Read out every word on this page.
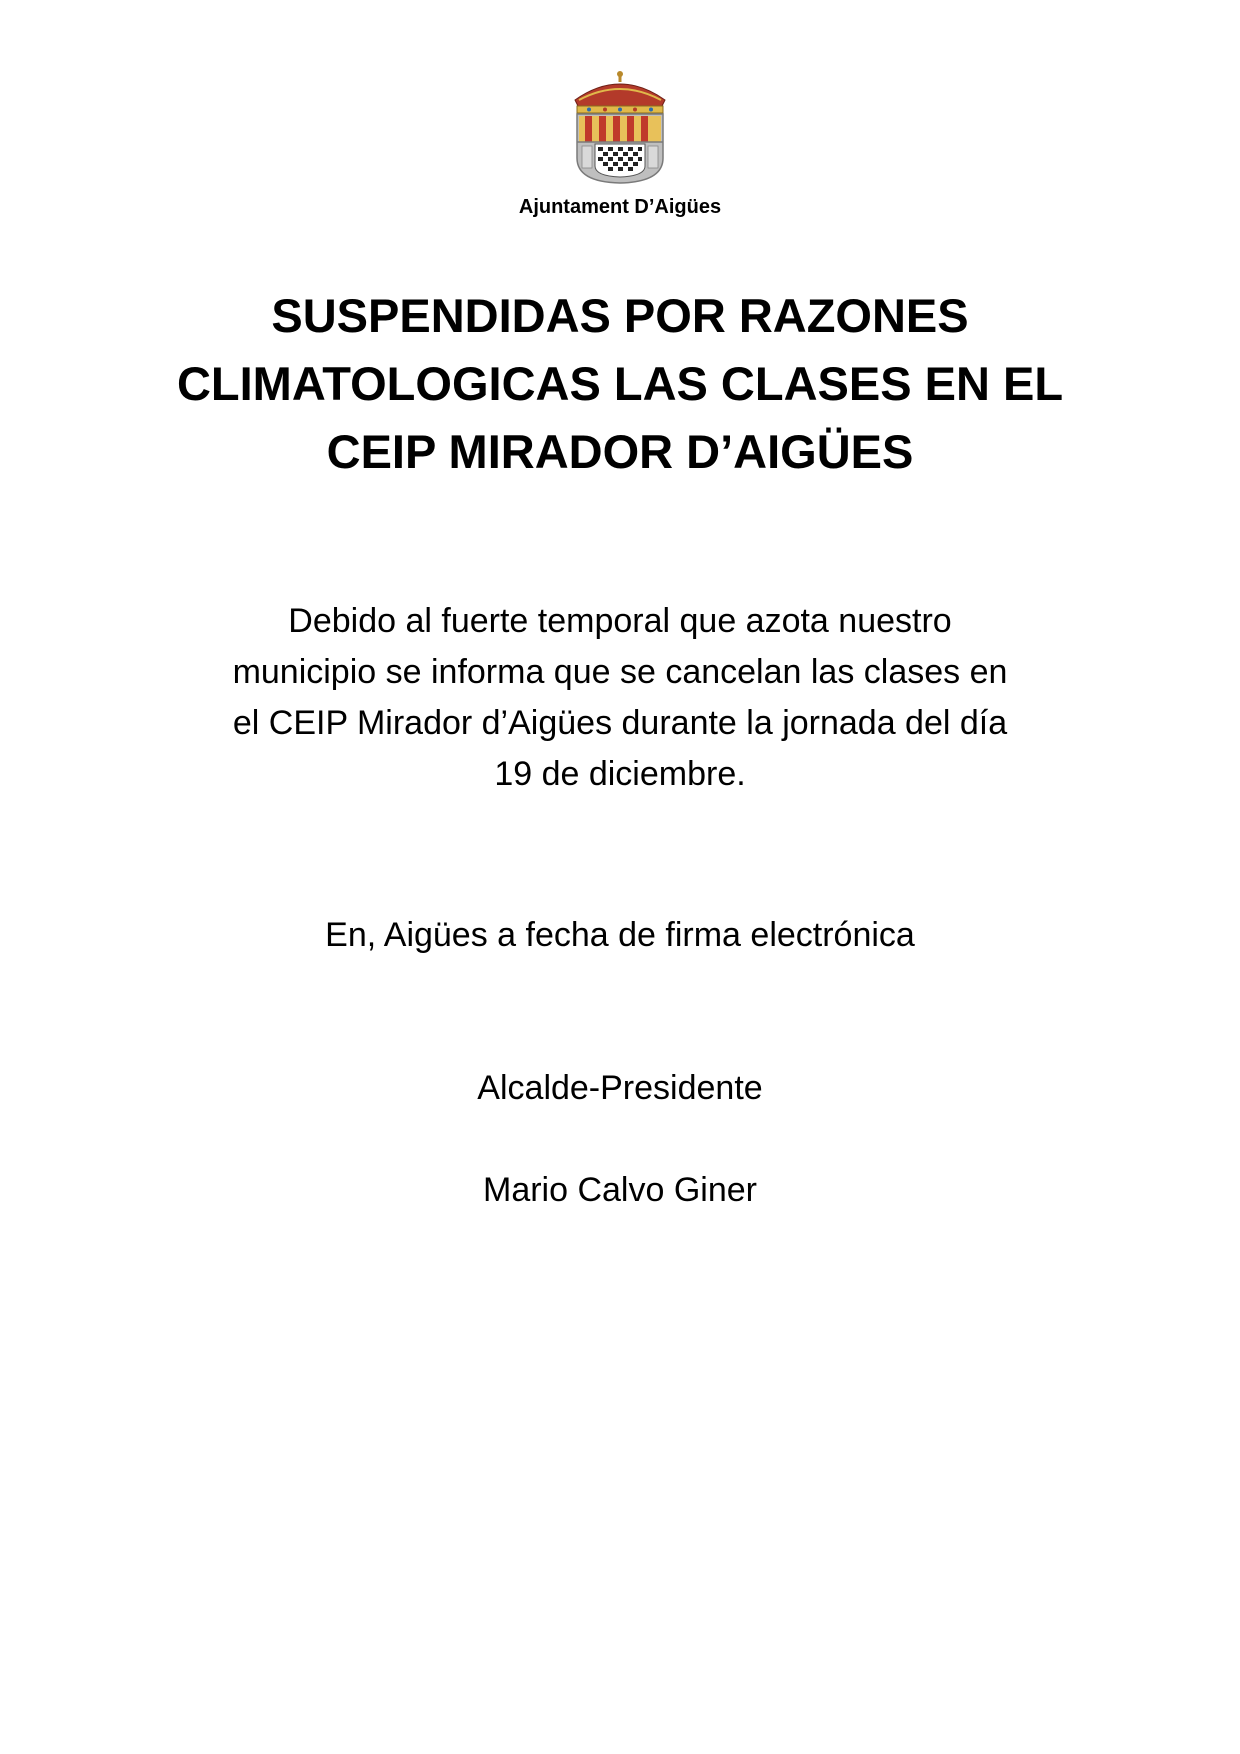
Ajuntament D’Aigües
SUSPENDIDAS POR RAZONES
CLIMATOLOGICAS LAS CLASES EN EL
CEIP MIRADOR D’AIGÜES

Debido al fuerte temporal que azota nuestro
municipio se informa que se cancelan las clases en
el CEIP Mirador d’Aigües durante la jornada del día
19 de diciembre.

En, Aigües a fecha de firma electrónica
Alcalde-Presidente
Mario Calvo Giner
